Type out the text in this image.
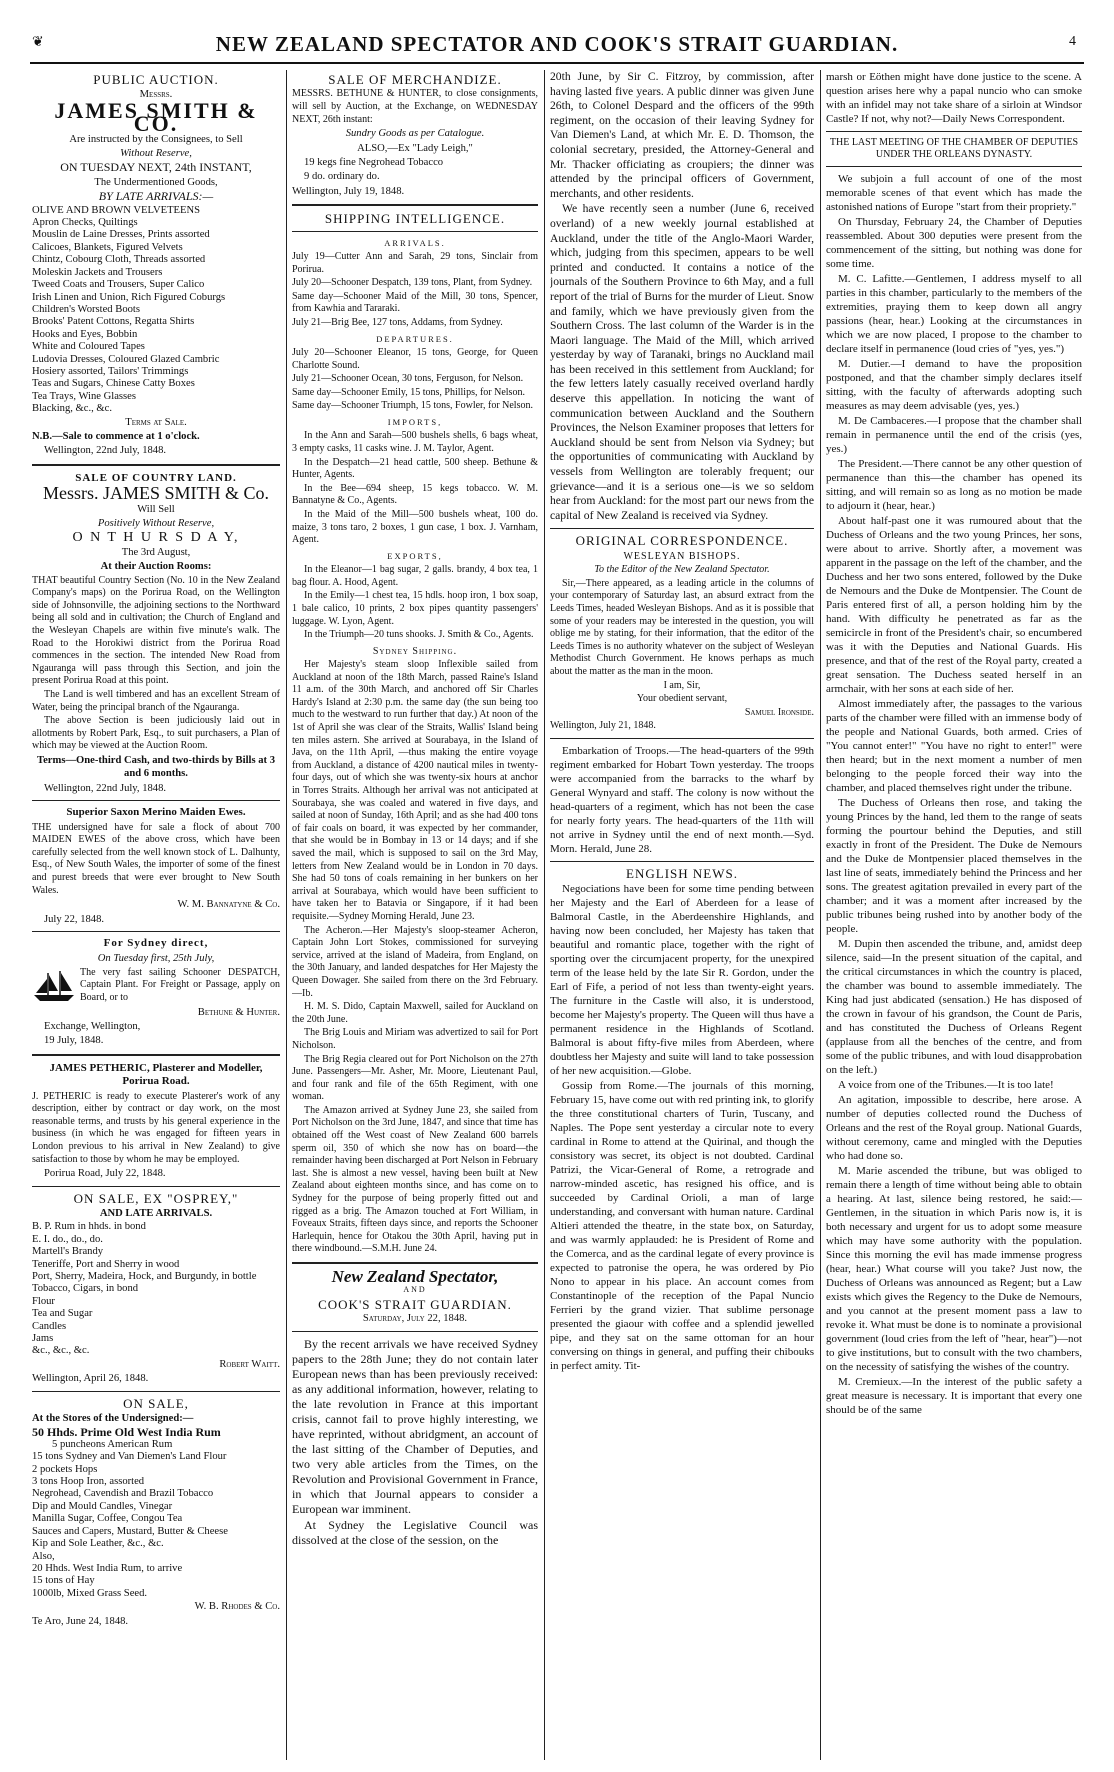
❦	NEW ZEALAND SPECTATOR AND COOK'S STRAIT GUARDIAN.	4
PUBLIC AUCTION.

Messrs.

JAMES SMITH & CO.

Are instructed by the Consignees, to Sell

Without Reserve,

ON TUESDAY NEXT, 24th INSTANT,

The Undermentioned Goods,

BY LATE ARRIVALS:—

OLIVE AND BROWN VELVETEENS

Apron Checks, Quiltings

Mouslin de Laine Dresses, Prints assorted

Calicoes, Blankets, Figured Velvets

Chintz, Cobourg Cloth, Threads assorted

Moleskin Jackets and Trousers

Tweed Coats and Trousers, Super Calico

Irish Linen and Union, Rich Figured Coburgs

Children's Worsted Boots

Brooks' Patent Cottons, Regatta Shirts

Hooks and Eyes, Bobbin

White and Coloured Tapes

Ludovia Dresses, Coloured Glazed Cambric

Hosiery assorted, Tailors' Trimmings

Teas and Sugars, Chinese Catty Boxes

Tea Trays, Wine Glasses

Blacking, &c., &c.

Terms at Sale.

N.B.—Sale to commence at 1 o'clock.

Wellington, 22nd July, 1848.

SALE OF COUNTRY LAND.
Messrs. JAMES SMITH & Co.

Will Sell

Positively Without Reserve,

O N T H U R S D A Y,

The 3rd August,

At their Auction Rooms:

THAT beautiful Country Section (No. 10 in the New Zealand Company's maps) on the Porirua Road, on the Wellington side of Johnsonville, the adjoining sections to the Northward being all sold and in cultivation; the Church of England and the Wesleyan Chapels are within five minute's walk. The Road to the Horokiwi district from the Porirua Road commences in the section. The intended New Road from Ngauranga will pass through this Section, and join the present Porirua Road at this point.

The Land is well timbered and has an excellent Stream of Water, being the principal branch of the Ngauranga.

The above Section is been judiciously laid out in allotments by Robert Park, Esq., to suit purchasers, a Plan of which may be viewed at the Auction Room.

Terms—One-third Cash, and two-thirds by Bills at 3 and 6 months.

Wellington, 22nd July, 1848.

Superior Saxon Merino Maiden Ewes.

THE undersigned have for sale a flock of about 700 MAIDEN EWES of the above cross, which have been carefully selected from the well known stock of L. Dalhunty, Esq., of New South Wales, the importer of some of the finest and purest breeds that were ever brought to New South Wales.

W. M. Bannatyne & Co.

July 22, 1848.

For Sydney direct,

On Tuesday first, 25th July,

The very fast sailing Schooner DESPATCH, Captain Plant. For Freight or Passage, apply on Board, or to

Bethune & Hunter.

Exchange, Wellington,

19 July, 1848.

JAMES PETHERIC, Plasterer and Modeller, Porirua Road.

J. PETHERIC is ready to execute Plasterer's work of any description, either by contract or day work, on the most reasonable terms, and trusts by his general experience in the business (in which he was engaged for fifteen years in London previous to his arrival in New Zealand) to give satisfaction to those by whom he may be employed.

Porirua Road, July 22, 1848.

ON SALE, EX "OSPREY,"

AND LATE ARRIVALS.

B. P. Rum in hhds. in bond

E. I. do., do., do.

Martell's Brandy

Teneriffe, Port and Sherry in wood

Port, Sherry, Madeira, Hock, and Burgundy, in bottle

Tobacco, Cigars, in bond

Flour

Tea and Sugar

Candles

Jams

&c., &c., &c.

Robert Waitt.

Wellington, April 26, 1848.

ON SALE,

At the Stores of the Undersigned:—

50 Hhds. Prime Old West India Rum

5 puncheons American Rum

15 tons Sydney and Van Diemen's Land Flour

2 pockets Hops

3 tons Hoop Iron, assorted

Negrohead, Cavendish and Brazil Tobacco

Dip and Mould Candles, Vinegar

Manilla Sugar, Coffee, Congou Tea

Sauces and Capers, Mustard, Butter & Cheese

Kip and Sole Leather, &c., &c.

Also,

20 Hhds. West India Rum, to arrive

15 tons of Hay

1000lb, Mixed Grass Seed.

W. B. Rhodes & Co.

Te Aro, June 24, 1848.

SALE OF MERCHANDIZE.

MESSRS. BETHUNE & HUNTER, to close consignments, will sell by Auction, at the Exchange, on WEDNESDAY NEXT, 26th instant:

Sundry Goods as per Catalogue.

ALSO,—Ex "Lady Leigh,"

19 kegs fine Negrohead Tobacco

9 do. ordinary do.

Wellington, July 19, 1848.

SHIPPING INTELLIGENCE.
ARRIVALS.

July 19—Cutter Ann and Sarah, 29 tons, Sinclair from Porirua.

July 20—Schooner Despatch, 139 tons, Plant, from Sydney.

Same day—Schooner Maid of the Mill, 30 tons, Spencer, from Kawhia and Tararaki.

July 21—Brig Bee, 127 tons, Addams, from Sydney.

DEPARTURES.

July 20—Schooner Eleanor, 15 tons, George, for Queen Charlotte Sound.

July 21—Schooner Ocean, 30 tons, Ferguson, for Nelson.

Same day—Schooner Emily, 15 tons, Phillips, for Nelson.

Same day—Schooner Triumph, 15 tons, Fowler, for Nelson.

IMPORTS,

In the Ann and Sarah—500 bushels shells, 6 bags wheat, 3 empty casks, 11 casks wine. J. M. Taylor, Agent.

In the Despatch—21 head cattle, 500 sheep. Bethune & Hunter, Agents.

In the Bee—694 sheep, 15 kegs tobacco. W. M. Bannatyne & Co., Agents.

In the Maid of the Mill—500 bushels wheat, 100 do. maize, 3 tons taro, 2 boxes, 1 gun case, 1 box. J. Varnham, Agent.

EXPORTS,

In the Eleanor—1 bag sugar, 2 galls. brandy, 4 box tea, 1 bag flour. A. Hood, Agent.

In the Emily—1 chest tea, 15 hdls. hoop iron, 1 box soap, 1 bale calico, 10 prints, 2 box pipes quantity passengers' luggage. W. Lyon, Agent.

In the Triumph—20 tuns shooks. J. Smith & Co., Agents.

Sydney Shipping.

Her Majesty's steam sloop Inflexible sailed from Auckland at noon of the 18th March, passed Raine's Island 11 a.m. of the 30th March, and anchored off Sir Charles Hardy's Island at 2:30 p.m. the same day (the sun being too much to the westward to run further that day.) At noon of the 1st of April she was clear of the Straits, Wallis' Island being ten miles astern. She arrived at Sourabaya, in the Island of Java, on the 11th April, —thus making the entire voyage from Auckland, a distance of 4200 nautical miles in twenty-four days, out of which she was twenty-six hours at anchor in Torres Straits. Although her arrival was not anticipated at Sourabaya, she was coaled and watered in five days, and sailed at noon of Sunday, 16th April; and as she had 400 tons of fair coals on board, it was expected by her commander, that she would be in Bombay in 13 or 14 days; and if she saved the mail, which is supposed to sail on the 3rd May, letters from New Zealand would be in London in 70 days. She had 50 tons of coals remaining in her bunkers on her arrival at Sourabaya, which would have been sufficient to have taken her to Batavia or Singapore, if it had been requisite.—Sydney Morning Herald, June 23.

The Acheron.—Her Majesty's sloop-steamer Acheron, Captain John Lort Stokes, commissioned for surveying service, arrived at the island of Madeira, from England, on the 30th January, and landed despatches for Her Majesty the Queen Dowager. She sailed from there on the 3rd February.—Ib.

H. M. S. Dido, Captain Maxwell, sailed for Auckland on the 20th June.

The Brig Louis and Miriam was advertized to sail for Port Nicholson.

The Brig Regia cleared out for Port Nicholson on the 27th June. Passengers—Mr. Asher, Mr. Moore, Lieutenant Paul, and four rank and file of the 65th Regiment, with one woman.

The Amazon arrived at Sydney June 23, she sailed from Port Nicholson on the 3rd June, 1847, and since that time has obtained off the West coast of New Zealand 600 barrels sperm oil, 350 of which she now has on board—the remainder having been discharged at Port Nelson in February last. She is almost a new vessel, having been built at New Zealand about eighteen months since, and has come on to Sydney for the purpose of being properly fitted out and rigged as a brig. The Amazon touched at Fort William, in Foveaux Straits, fifteen days since, and reports the Schooner Harlequin, hence for Otakou the 30th April, having put in there windbound.—S.M.H. June 24.

New Zealand Spectator,

AND

COOK'S STRAIT GUARDIAN.

Saturday, July 22, 1848.

By the recent arrivals we have received Sydney papers to the 28th June; they do not contain later European news than has been previously received: as any additional information, however, relating to the late revolution in France at this important crisis, cannot fail to prove highly interesting, we have reprinted, without abridgment, an account of the last sitting of the Chamber of Deputies, and two very able articles from the Times, on the Revolution and Provisional Government in France, in which that Journal appears to consider a European war imminent.

At Sydney the Legislative Council was dissolved at the close of the session, on the

20th June, by Sir C. Fitzroy, by commission, after having lasted five years. A public dinner was given June 26th, to Colonel Despard and the officers of the 99th regiment, on the occasion of their leaving Sydney for Van Diemen's Land, at which Mr. E. D. Thomson, the colonial secretary, presided, the Attorney-General and Mr. Thacker officiating as croupiers; the dinner was attended by the principal officers of Government, merchants, and other residents.

We have recently seen a number (June 6, received overland) of a new weekly journal established at Auckland, under the title of the Anglo-Maori Warder, which, judging from this specimen, appears to be well printed and conducted. It contains a notice of the journals of the Southern Province to 6th May, and a full report of the trial of Burns for the murder of Lieut. Snow and family, which we have previously given from the Southern Cross. The last column of the Warder is in the Maori language. The Maid of the Mill, which arrived yesterday by way of Taranaki, brings no Auckland mail has been received in this settlement from Auckland; for the few letters lately casually received overland hardly deserve this appellation. In noticing the want of communication between Auckland and the Southern Provinces, the Nelson Examiner proposes that letters for Auckland should be sent from Nelson via Sydney; but the opportunities of communicating with Auckland by vessels from Wellington are tolerably frequent; our grievance—and it is a serious one—is we so seldom hear from Auckland: for the most part our news from the capital of New Zealand is received via Sydney.

ORIGINAL CORRESPONDENCE.

WESLEYAN BISHOPS.

To the Editor of the New Zealand Spectator.

Sir,—There appeared, as a leading article in the columns of your contemporary of Saturday last, an absurd extract from the Leeds Times, headed Wesleyan Bishops. And as it is possible that some of your readers may be interested in the question, you will oblige me by stating, for their information, that the editor of the Leeds Times is no authority whatever on the subject of Wesleyan Methodist Church Government. He knows perhaps as much about the matter as the man in the moon.

I am, Sir,

Your obedient servant,

Samuel Ironside.

Wellington, July 21, 1848.

Embarkation of Troops.—The head-quarters of the 99th regiment embarked for Hobart Town yesterday. The troops were accompanied from the barracks to the wharf by General Wynyard and staff. The colony is now without the head-quarters of a regiment, which has not been the case for nearly forty years. The head-quarters of the 11th will not arrive in Sydney until the end of next month.—Syd. Morn. Herald, June 28.

ENGLISH NEWS.

Negociations have been for some time pending between her Majesty and the Earl of Aberdeen for a lease of Balmoral Castle, in the Aberdeenshire Highlands, and having now been concluded, her Majesty has taken that beautiful and romantic place, together with the right of sporting over the circumjacent property, for the unexpired term of the lease held by the late Sir R. Gordon, under the Earl of Fife, a period of not less than twenty-eight years. The furniture in the Castle will also, it is understood, become her Majesty's property. The Queen will thus have a permanent residence in the Highlands of Scotland. Balmoral is about fifty-five miles from Aberdeen, where doubtless her Majesty and suite will land to take possession of her new acquisition.—Globe.

Gossip from Rome.—The journals of this morning, February 15, have come out with red printing ink, to glorify the three constitutional charters of Turin, Tuscany, and Naples. The Pope sent yesterday a circular note to every cardinal in Rome to attend at the Quirinal, and though the consistory was secret, its object is not doubted. Cardinal Patrizi, the Vicar-General of Rome, a retrograde and narrow-minded ascetic, has resigned his office, and is succeeded by Cardinal Orioli, a man of large understanding, and conversant with human nature. Cardinal Altieri attended the theatre, in the state box, on Saturday, and was warmly applauded: he is President of Rome and the Comerca, and as the cardinal legate of every province is expected to patronise the opera, he was ordered by Pio Nono to appear in his place. An account comes from Constantinople of the reception of the Papal Nuncio Ferrieri by the grand vizier. That sublime personage presented the giaour with coffee and a splendid jewelled pipe, and they sat on the same ottoman for an hour conversing on things in general, and puffing their chibouks in perfect amity. Tit-

marsh or Eöthen might have done justice to the scene. A question arises here why a papal nuncio who can smoke with an infidel may not take share of a sirloin at Windsor Castle? If not, why not?—Daily News Correspondent.

THE LAST MEETING OF THE CHAMBER OF DEPUTIES UNDER THE ORLEANS DYNASTY.

We subjoin a full account of one of the most memorable scenes of that event which has made the astonished nations of Europe "start from their propriety."

On Thursday, February 24, the Chamber of Deputies reassembled. About 300 deputies were present from the commencement of the sitting, but nothing was done for some time.

M. C. Lafitte.—Gentlemen, I address myself to all parties in this chamber, particularly to the members of the extremities, praying them to keep down all angry passions (hear, hear.) Looking at the circumstances in which we are now placed, I propose to the chamber to declare itself in permanence (loud cries of "yes, yes.")

M. Dutier.—I demand to have the proposition postponed, and that the chamber simply declares itself sitting, with the faculty of afterwards adopting such measures as may deem advisable (yes, yes.)

M. De Cambaceres.—I propose that the chamber shall remain in permanence until the end of the crisis (yes, yes.)

The President.—There cannot be any other question of permanence than this—the chamber has opened its sitting, and will remain so as long as no motion be made to adjourn it (hear, hear.)

About half-past one it was rumoured about that the Duchess of Orleans and the two young Princes, her sons, were about to arrive. Shortly after, a movement was apparent in the passage on the left of the chamber, and the Duchess and her two sons entered, followed by the Duke de Nemours and the Duke de Montpensier. The Count de Paris entered first of all, a person holding him by the hand. With difficulty he penetrated as far as the semicircle in front of the President's chair, so encumbered was it with the Deputies and National Guards. His presence, and that of the rest of the Royal party, created a great sensation. The Duchess seated herself in an armchair, with her sons at each side of her.

Almost immediately after, the passages to the various parts of the chamber were filled with an immense body of the people and National Guards, both armed. Cries of "You cannot enter!" "You have no right to enter!" were then heard; but in the next moment a number of men belonging to the people forced their way into the chamber, and placed themselves right under the tribune.

The Duchess of Orleans then rose, and taking the young Princes by the hand, led them to the range of seats forming the pourtour behind the Deputies, and still exactly in front of the President. The Duke de Nemours and the Duke de Montpensier placed themselves in the last line of seats, immediately behind the Princess and her sons. The greatest agitation prevailed in every part of the chamber; and it was a moment after increased by the public tribunes being rushed into by another body of the people.

M. Dupin then ascended the tribune, and, amidst deep silence, said—In the present situation of the capital, and the critical circumstances in which the country is placed, the chamber was bound to assemble immediately. The King had just abdicated (sensation.) He has disposed of the crown in favour of his grandson, the Count de Paris, and has constituted the Duchess of Orleans Regent (applause from all the benches of the centre, and from some of the public tribunes, and with loud disapprobation on the left.)

A voice from one of the Tribunes.—It is too late!

An agitation, impossible to describe, here arose. A number of deputies collected round the Duchess of Orleans and the rest of the Royal group. National Guards, without ceremony, came and mingled with the Deputies who had done so.

M. Marie ascended the tribune, but was obliged to remain there a length of time without being able to obtain a hearing. At last, silence being restored, he said:—Gentlemen, in the situation in which Paris now is, it is both necessary and urgent for us to adopt some measure which may have some authority with the population. Since this morning the evil has made immense progress (hear, hear.) What course will you take? Just now, the Duchess of Orleans was announced as Regent; but a Law exists which gives the Regency to the Duke de Nemours, and you cannot at the present moment pass a law to revoke it. What must be done is to nominate a provisional government (loud cries from the left of "hear, hear")—not to give institutions, but to consult with the two chambers, on the necessity of satisfying the wishes of the country.

M. Cremieux.—In the interest of the public safety a great measure is necessary. It is important that every one should be of the same
